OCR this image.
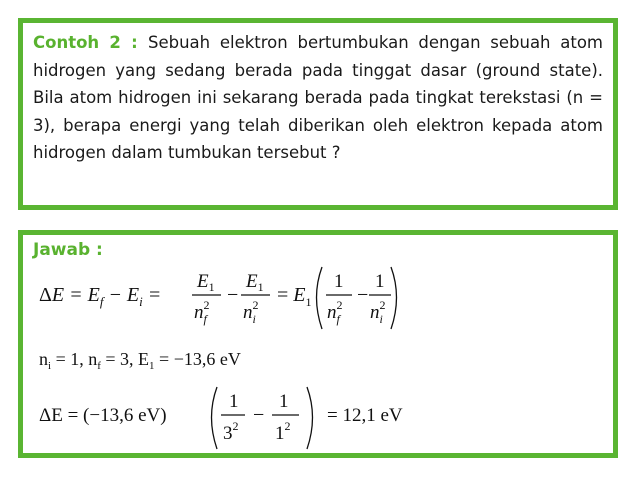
Contoh 2 : Sebuah elektron bertumbukan dengan sebuah atom hidrogen yang sedang berada pada tinggat dasar (ground state). Bila atom hidrogen ini sekarang berada pada tingkat terekstasi (n = 3), berapa energi yang telah diberikan oleh elektron kepada atom hidrogen dalam tumbukan tersebut ?

Jawab :

$\Delta E = E_f - E_i$ =
$E_1$
$n^2$ f
−
$E_1$
$n^2$ i
= $E_1$
1
$n^2$ f
−
1
$n^2$ i
$n_i = 1$, $n_f = 3$, $E_1 = -13,6$ eV
ΔE = (−13,6 eV)
1
$3^2$ −
1
$1^2 = 12,1$ eV
